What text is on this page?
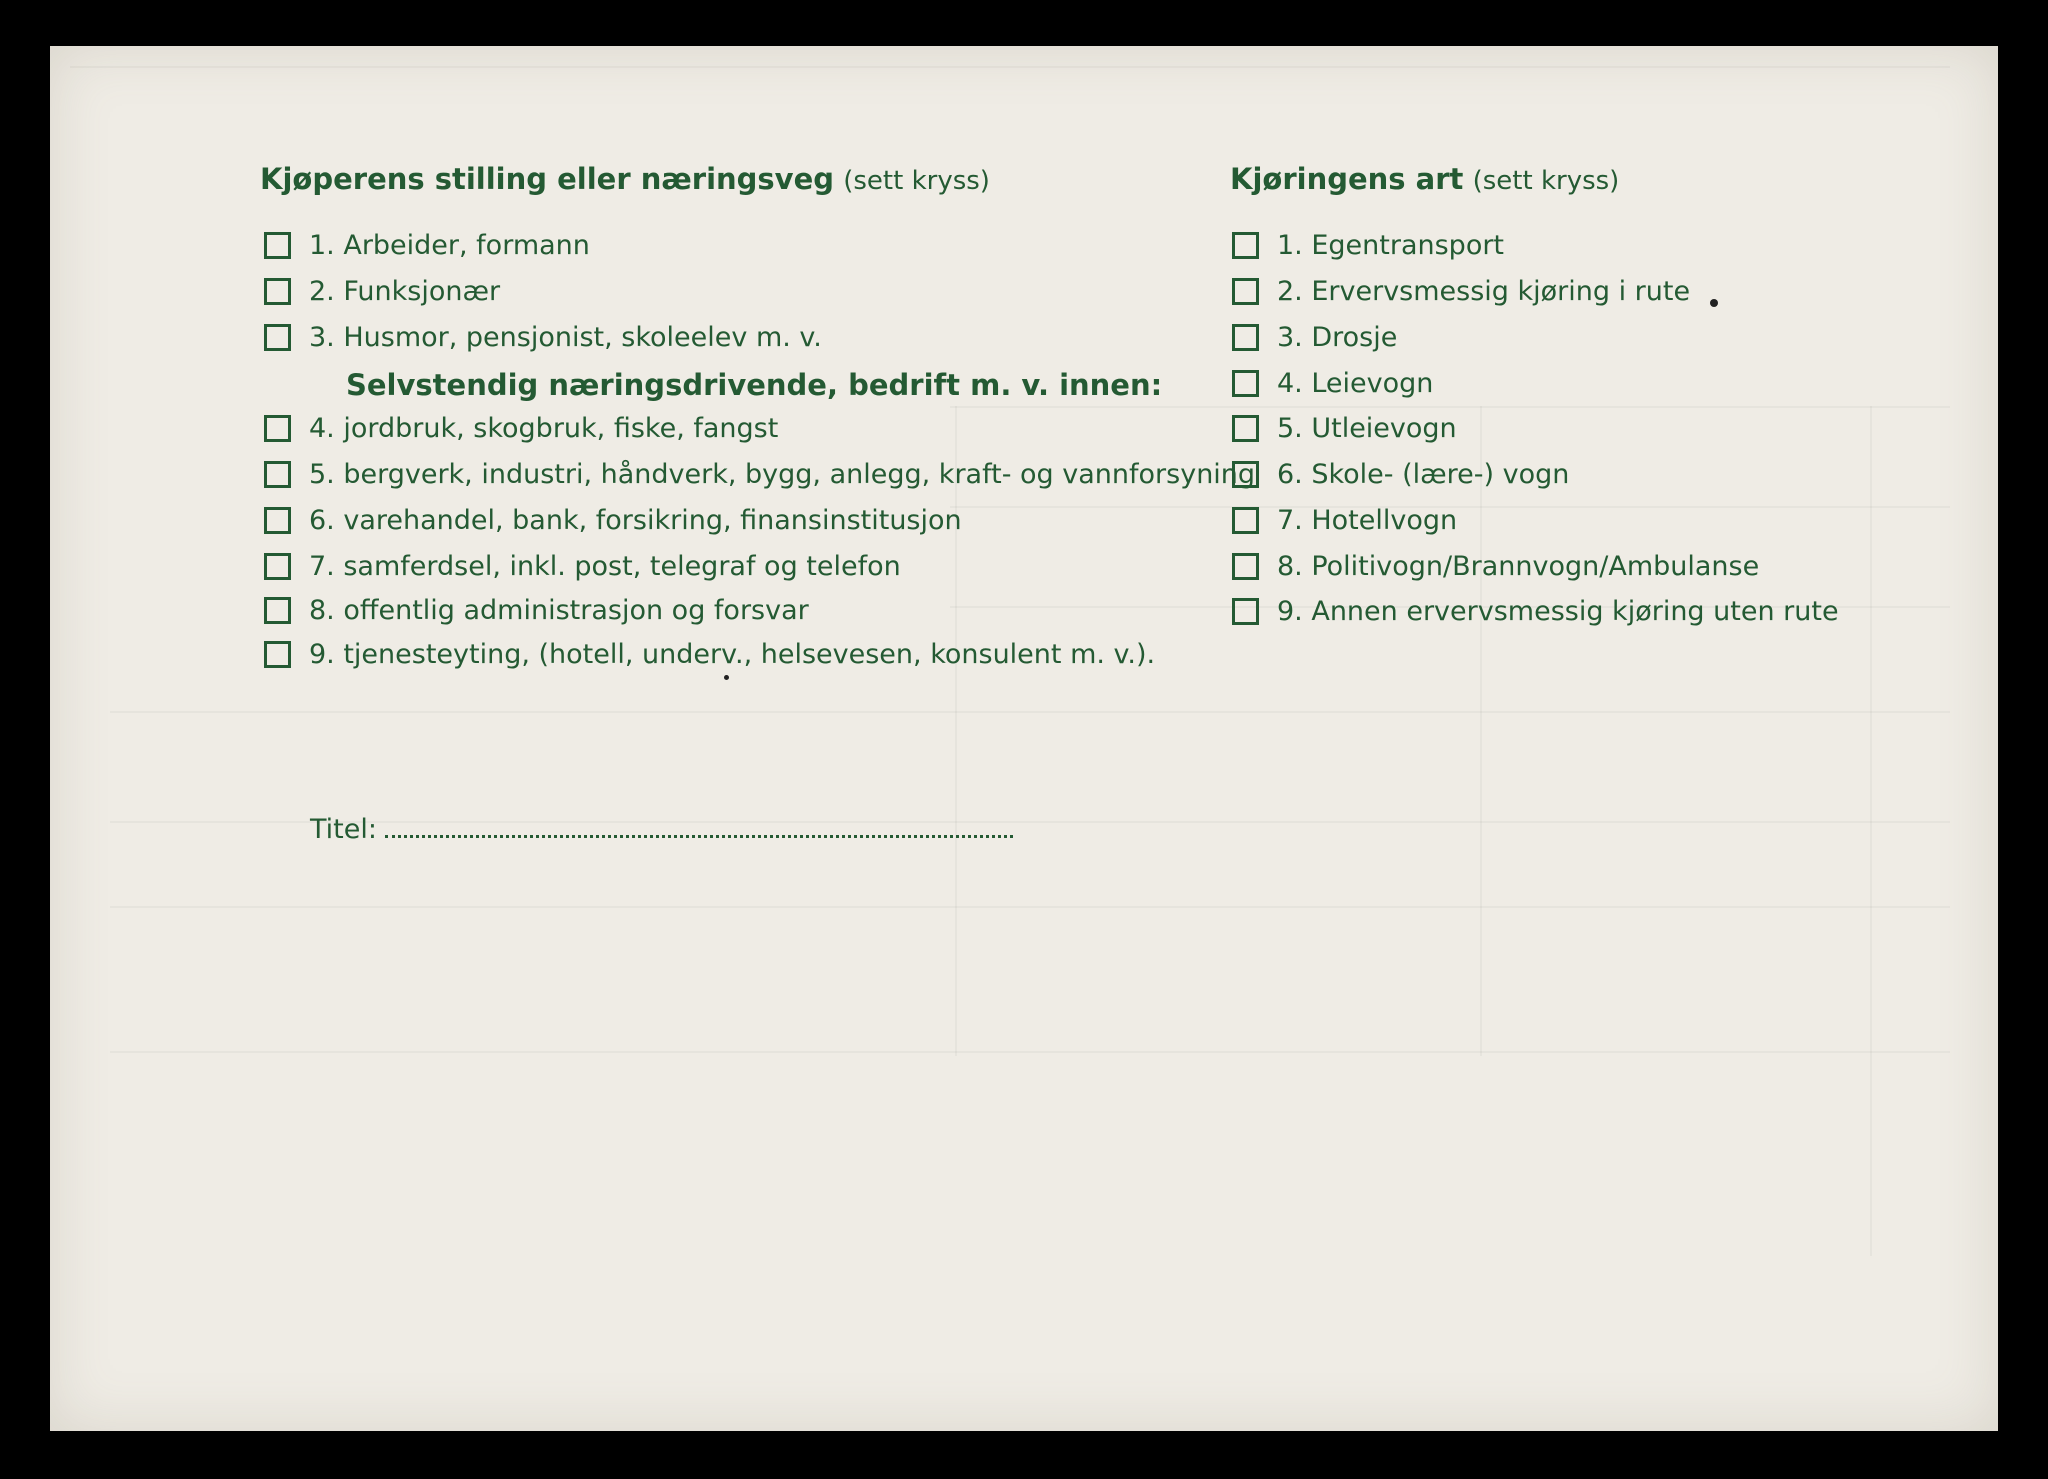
Kjøperens stilling eller næringsveg (sett kryss)
1. Arbeider, formann
2. Funksjonær
3. Husmor, pensjonist, skoleelev m. v.
Selvstendig næringsdrivende, bedrift m. v. innen:
4. jordbruk, skogbruk, fiske, fangst
5. bergverk, industri, håndverk, bygg, anlegg, kraft- og vannforsyning
6. varehandel, bank, forsikring, finansinstitusjon
7. samferdsel, inkl. post, telegraf og telefon
8. offentlig administrasjon og forsvar
9. tjenesteyting, (hotell, underv., helsevesen, konsulent m. v.).
Kjøringens art (sett kryss)
1. Egentransport
2. Ervervsmessig kjøring i rute
3. Drosje
4. Leievogn
5. Utleievogn
6. Skole- (lære-) vogn
7. Hotellvogn
8. Politivogn/Brannvogn/Ambulanse
9. Annen ervervsmessig kjøring uten rute
Titel:
